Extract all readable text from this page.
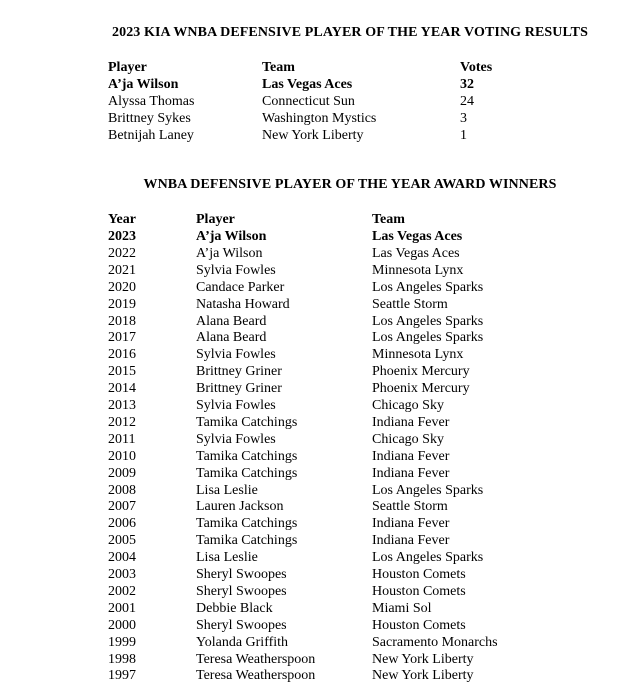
2023 KIA WNBA DEFENSIVE PLAYER OF THE YEAR VOTING RESULTS
Player	Team	Votes
A’ja Wilson	Las Vegas Aces	32
Alyssa Thomas	Connecticut Sun	24
Brittney Sykes	Washington Mystics	3
Betnijah Laney	New York Liberty	1
WNBA DEFENSIVE PLAYER OF THE YEAR AWARD WINNERS
Year	Player	Team
2023	A’ja Wilson	Las Vegas Aces
2022	A’ja Wilson	Las Vegas Aces
2021	Sylvia Fowles	Minnesota Lynx
2020	Candace Parker	Los Angeles Sparks
2019	Natasha Howard	Seattle Storm
2018	Alana Beard	Los Angeles Sparks
2017	Alana Beard	Los Angeles Sparks
2016	Sylvia Fowles	Minnesota Lynx
2015	Brittney Griner	Phoenix Mercury
2014	Brittney Griner	Phoenix Mercury
2013	Sylvia Fowles	Chicago Sky
2012	Tamika Catchings	Indiana Fever
2011	Sylvia Fowles	Chicago Sky
2010	Tamika Catchings	Indiana Fever
2009	Tamika Catchings	Indiana Fever
2008	Lisa Leslie	Los Angeles Sparks
2007	Lauren Jackson	Seattle Storm
2006	Tamika Catchings	Indiana Fever
2005	Tamika Catchings	Indiana Fever
2004	Lisa Leslie	Los Angeles Sparks
2003	Sheryl Swoopes	Houston Comets
2002	Sheryl Swoopes	Houston Comets
2001	Debbie Black	Miami Sol
2000	Sheryl Swoopes	Houston Comets
1999	Yolanda Griffith	Sacramento Monarchs
1998	Teresa Weatherspoon	New York Liberty
1997	Teresa Weatherspoon	New York Liberty
